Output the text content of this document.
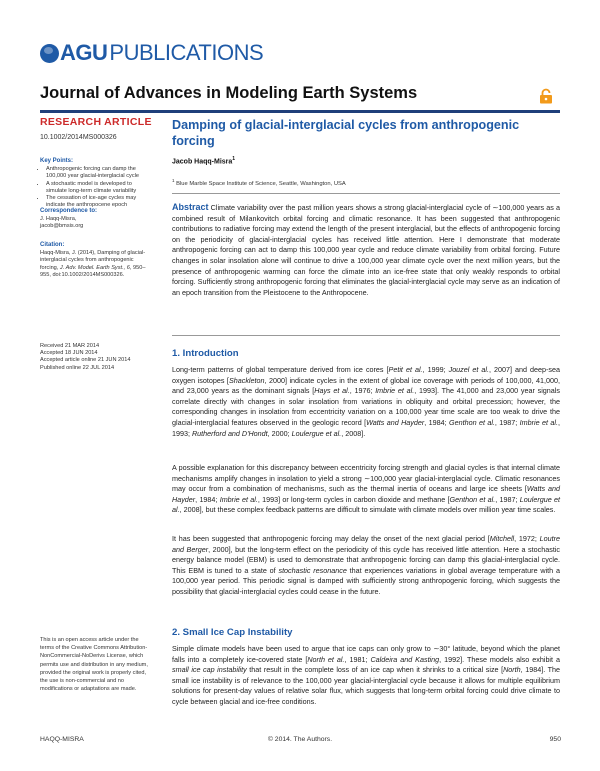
AGUPUBLICATIONS
Journal of Advances in Modeling Earth Systems
RESEARCH ARTICLE
10.1002/2014MS000326
Key Points:
• Anthropogenic forcing can damp the 100,000 year glacial-interglacial cycle
• A stochastic model is developed to simulate long-term climate variability
• The cessation of ice-age cycles may indicate the anthropocene epoch
Correspondence to:

J. Haqq-Misra,

jacob@bmsis.org

Citation:

Haqq-Misra, J. (2014), Damping of glacial-interglacial cycles from anthropogenic forcing, J. Adv. Model. Earth Syst., 6, 950–955, doi:10.1002/2014MS000326.

Received 21 MAR 2014

Accepted 18 JUN 2014

Accepted article online 21 JUN 2014

Published online 22 JUL 2014

This is an open access article under the terms of the Creative Commons Attribution-NonCommercial-NoDerivs License, which permits use and distribution in any medium, provided the original work is properly cited, the use is non-commercial and no modifications or adaptations are made.
Damping of glacial-interglacial cycles from anthropogenic forcing
Jacob Haqq-Misra$^1$
$^1$ Blue Marble Space Institute of Science, Seattle, Washington, USA
Abstract Climate variability over the past million years shows a strong glacial-interglacial cycle of ∼100,000 years as a combined result of Milankovitch orbital forcing and climatic resonance. It has been suggested that anthropogenic contributions to radiative forcing may extend the length of the present interglacial, but the effects of anthropogenic forcing on the periodicity of glacial-interglacial cycles has received little attention. Here I demonstrate that moderate anthropogenic forcing can act to damp this 100,000 year cycle and reduce climate variability from orbital forcing. Future changes in solar insolation alone will continue to drive a 100,000 year climate cycle over the next million years, but the presence of anthropogenic warming can force the climate into an ice-free state that only weakly responds to orbital forcing. Sufficiently strong anthropogenic forcing that eliminates the glacial-interglacial cycle may serve as an indication of an epoch transition from the Pleistocene to the Anthropocene.
1. Introduction

Long-term patterns of global temperature derived from ice cores [Petit et al., 1999; Jouzel et al., 2007] and deep-sea oxygen isotopes [Shackleton, 2000] indicate cycles in the extent of global ice coverage with periods of 100,000, 41,000, and 23,000 years as the dominant signals [Hays et al., 1976; Imbrie et al., 1993]. The 41,000 and 23,000 year signals correlate directly with changes in solar insolation from variations in obliquity and orbital precession; however, the corresponding changes in insolation from eccentricity variation on a 100,000 year time scale are too weak to drive the glacial-interglacial features observed in the geologic record [Watts and Hayder, 1984; Genthon et al., 1987; Imbrie et al., 1993; Rutherford and D'Hondt, 2000; Loulergue et al., 2008].

A possible explanation for this discrepancy between eccentricity forcing strength and glacial cycles is that internal climate mechanisms amplify changes in insolation to yield a strong ∼100,000 year glacial-interglacial cycle. Climatic resonances may occur from a combination of mechanisms, such as the thermal inertia of oceans and large ice sheets [Watts and Hayder, 1984; Imbrie et al., 1993] or long-term cycles in carbon dioxide and methane [Genthon et al., 1987; Loulergue et al., 2008], but these complex feedback patterns are difficult to simulate with climate models over million year time scales.

It has been suggested that anthropogenic forcing may delay the onset of the next glacial period [Mitchell, 1972; Loutre and Berger, 2000], but the long-term effect on the periodicity of this cycle has received little attention. Here a stochastic energy balance model (EBM) is used to demonstrate that anthropogenic forcing can damp this glacial-interglacial cycle. This EBM is tuned to a state of stochastic resonance that experiences variations in global average temperature with a 100,000 year period. This periodic signal is damped with sufficiently strong anthropogenic forcing, which suggests the possibility that glacial-interglacial cycles could cease in the future.

2. Small Ice Cap Instability

Simple climate models have been used to argue that ice caps can only grow to ∼30° latitude, beyond which the planet falls into a completely ice-covered state [North et al., 1981; Caldeira and Kasting, 1992]. These models also exhibit a small ice cap instability that result in the complete loss of an ice cap when it shrinks to a critical size [North, 1984]. The small ice instability is of relevance to the 100,000 year glacial-interglacial cycle because it allows for multiple equilibrium solutions for present-day values of relative solar flux, which suggests that long-term orbital forcing could drive climate to cycle between glacial and ice-free conditions.

HAQQ-MISRA	© 2014. The Authors.	950
